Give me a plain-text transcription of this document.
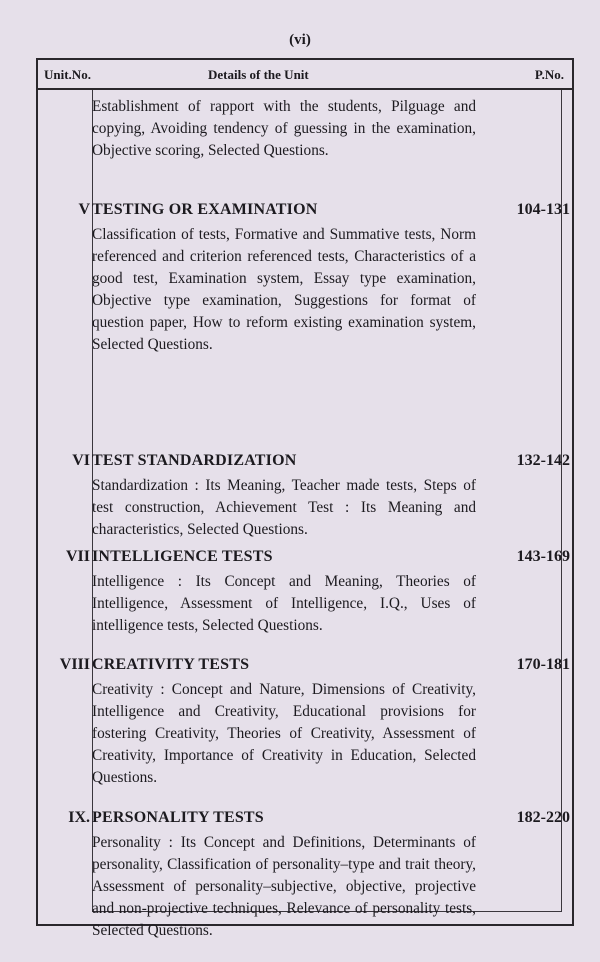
(vi)
Unit.No.	Details of the Unit	P.No.
Establishment of rapport with the students, Pilguage and copying, Avoiding tendency of guessing in the examination, Objective scoring, Selected Questions.
V TESTING OR EXAMINATION	104-131
Classification of tests, Formative and Summative tests, Norm referenced and criterion referenced tests, Characteristics of a good test, Examination system, Essay type examination, Objective type examination, Suggestions for format of question paper, How to reform existing examination system, Selected Questions.
VI TEST STANDARDIZATION	132-142
Standardization : Its Meaning, Teacher made tests, Steps of test construction, Achievement Test : Its Meaning and characteristics, Selected Questions.
VII INTELLIGENCE TESTS	143-169
Intelligence : Its Concept and Meaning, Theories of Intelligence, Assessment of Intelligence, I.Q., Uses of intelligence tests, Selected Questions.
VIII CREATIVITY TESTS	170-181
Creativity : Concept and Nature, Dimensions of Creativity, Intelligence and Creativity, Educational provisions for fostering Creativity, Theories of Creativity, Assessment of Creativity, Importance of Creativity in Education, Selected Questions.
IX. PERSONALITY TESTS	182-220
Personality : Its Concept and Definitions, Determinants of personality, Classification of personality–type and trait theory, Assessment of personality–subjective, objective, projective and non-projective techniques, Relevance of personality tests, Selected Questions.
